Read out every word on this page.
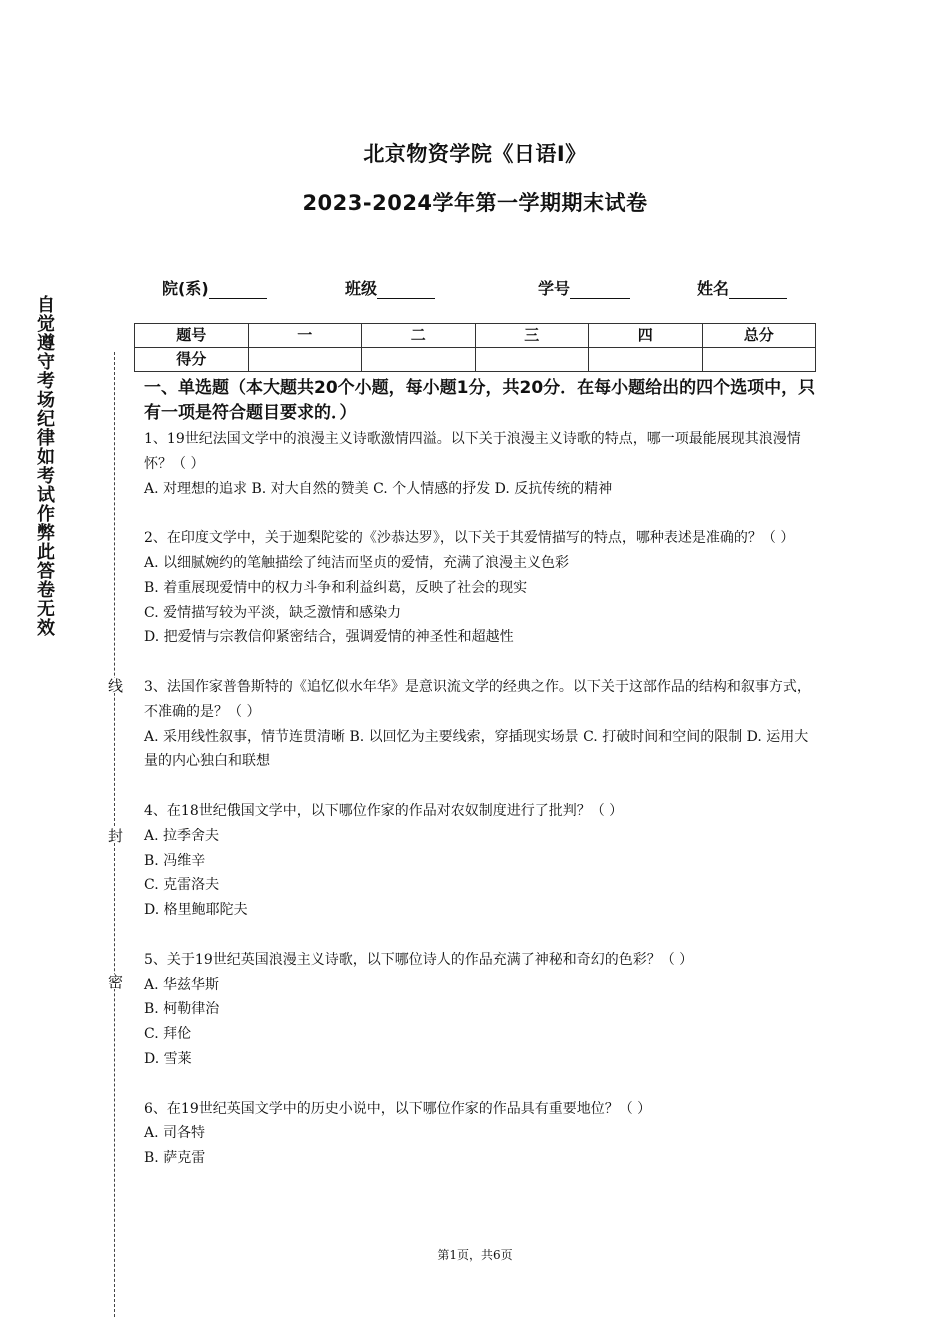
自觉遵守考场纪律如考试作弊此答卷无效
线
封
密
北京物资学院《日语Ⅰ》
2023-2024学年第一学期期末试卷
院(系)	班级	学号	姓名
题号	一	二	三	四	总分
得分					
一、单选题（本大题共20个小题，每小题1分，共20分．在每小题给出的四个选项中，只有一项是符合题目要求的．）
1、19世纪法国文学中的浪漫主义诗歌激情四溢。以下关于浪漫主义诗歌的特点，哪一项最能展现其浪漫情怀？（ ）
A. 对理想的追求 B. 对大自然的赞美 C. 个人情感的抒发 D. 反抗传统的精神
2、在印度文学中，关于迦梨陀娑的《沙恭达罗》，以下关于其爱情描写的特点，哪种表述是准确的？（ ）
A. 以细腻婉约的笔触描绘了纯洁而坚贞的爱情，充满了浪漫主义色彩
B. 着重展现爱情中的权力斗争和利益纠葛，反映了社会的现实
C. 爱情描写较为平淡，缺乏激情和感染力
D. 把爱情与宗教信仰紧密结合，强调爱情的神圣性和超越性
3、法国作家普鲁斯特的《追忆似水年华》是意识流文学的经典之作。以下关于这部作品的结构和叙事方式，不准确的是？（ ）
A. 采用线性叙事，情节连贯清晰 B. 以回忆为主要线索，穿插现实场景 C. 打破时间和空间的限制 D. 运用大量的内心独白和联想
4、在18世纪俄国文学中，以下哪位作家的作品对农奴制度进行了批判？（ ）
A. 拉季舍夫
B. 冯维辛
C. 克雷洛夫
D. 格里鲍耶陀夫
5、关于19世纪英国浪漫主义诗歌，以下哪位诗人的作品充满了神秘和奇幻的色彩？（ ）
A. 华兹华斯
B. 柯勒律治
C. 拜伦
D. 雪莱
6、在19世纪英国文学中的历史小说中，以下哪位作家的作品具有重要地位？（ ）
A. 司各特
B. 萨克雷
第1页，共6页
